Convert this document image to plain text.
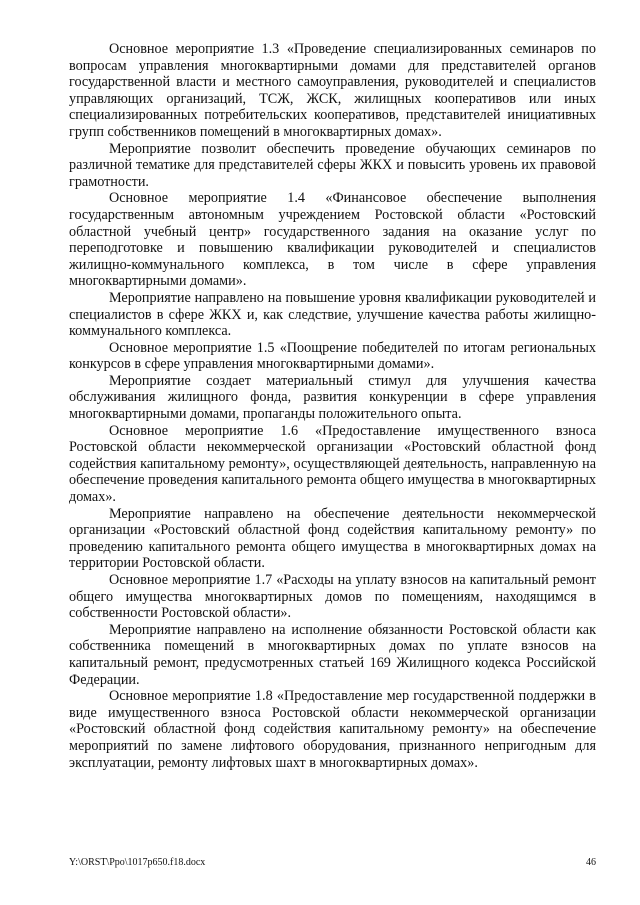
Основное мероприятие 1.3 «Проведение специализированных семинаров по вопросам управления многоквартирными домами для представителей органов государственной власти и местного самоуправления, руководителей и специалистов управляющих организаций, ТСЖ, ЖСК, жилищных кооперативов или иных специализированных потребительских кооперативов, представителей инициативных групп собственников помещений в многоквартирных домах».

Мероприятие позволит обеспечить проведение обучающих семинаров по различной тематике для представителей сферы ЖКХ и повысить уровень их правовой грамотности.

Основное мероприятие 1.4 «Финансовое обеспечение выполнения государственным автономным учреждением Ростовской области «Ростовский областной учебный центр» государственного задания на оказание услуг по переподготовке и повышению квалификации руководителей и специалистов жилищно-коммунального комплекса, в том числе в сфере управления многоквартирными домами».

Мероприятие направлено на повышение уровня квалификации руководителей и специалистов в сфере ЖКХ и, как следствие, улучшение качества работы жилищно-коммунального комплекса.

Основное мероприятие 1.5 «Поощрение победителей по итогам региональных конкурсов в сфере управления многоквартирными домами».

Мероприятие создает материальный стимул для улучшения качества обслуживания жилищного фонда, развития конкуренции в сфере управления многоквартирными домами, пропаганды положительного опыта.

Основное мероприятие 1.6 «Предоставление имущественного взноса Ростовской области некоммерческой организации «Ростовский областной фонд содействия капитальному ремонту», осуществляющей деятельность, направленную на обеспечение проведения капитального ремонта общего имущества в многоквартирных домах».

Мероприятие направлено на обеспечение деятельности некоммерческой организации «Ростовский областной фонд содействия капитальному ремонту» по проведению капитального ремонта общего имущества в многоквартирных домах на территории Ростовской области.

Основное мероприятие 1.7 «Расходы на уплату взносов на капитальный ремонт общего имущества многоквартирных домов по помещениям, находящимся в собственности Ростовской области».

Мероприятие направлено на исполнение обязанности Ростовской области как собственника помещений в многоквартирных домах по уплате взносов на капитальный ремонт, предусмотренных статьей 169 Жилищного кодекса Российской Федерации.

Основное мероприятие 1.8 «Предоставление мер государственной поддержки в виде имущественного взноса Ростовской области некоммерческой организации «Ростовский областной фонд содействия капитальному ремонту» на обеспечение мероприятий по замене лифтового оборудования, признанного непригодным для эксплуатации, ремонту лифтовых шахт в многоквартирных домах».

Y:\ORST\Ppo\1017p650.f18.docx	46
